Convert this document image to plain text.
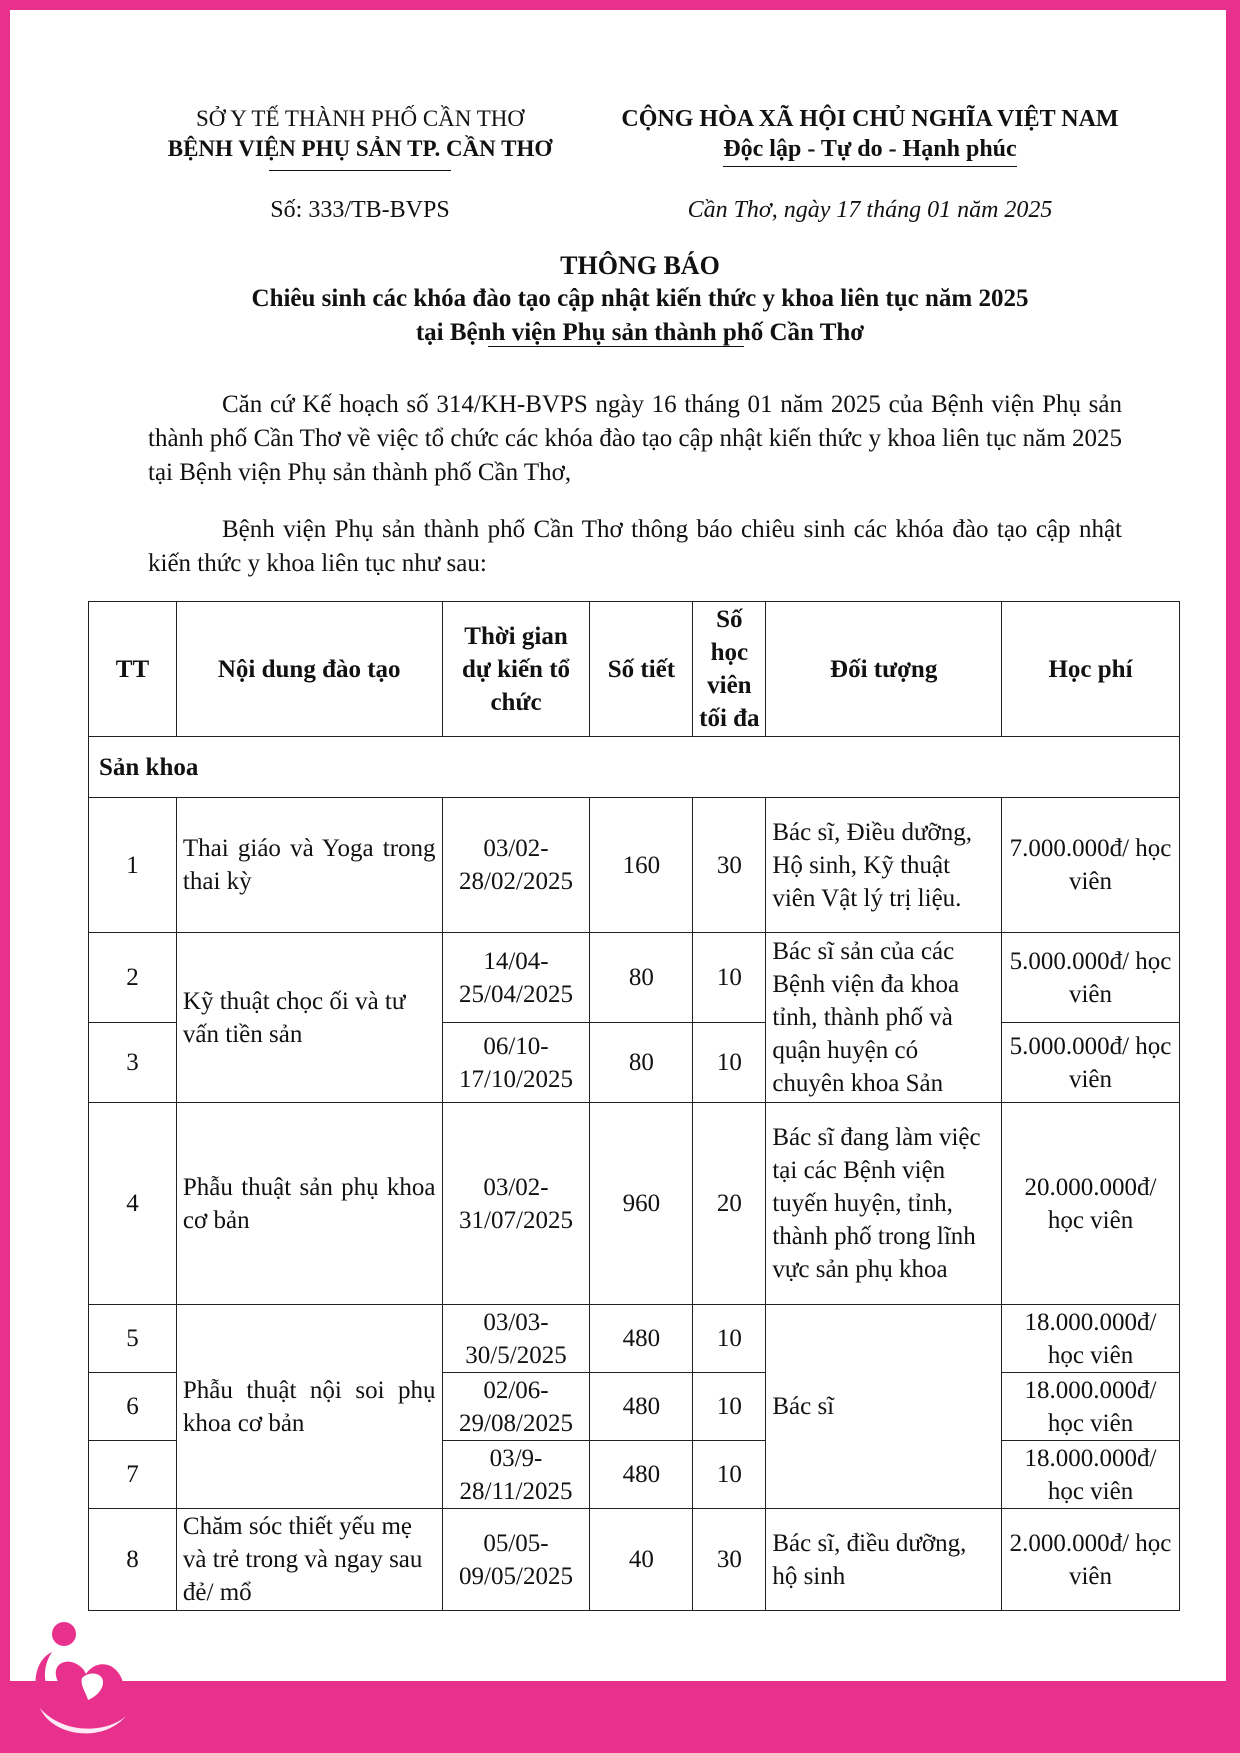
SỞ Y TẾ THÀNH PHỐ CẦN THƠ
BỆNH VIỆN PHỤ SẢN TP. CẦN THƠ
CỘNG HÒA XÃ HỘI CHỦ NGHĨA VIỆT NAM
Độc lập - Tự do - Hạnh phúc
Số: 333/TB-BVPS	Cần Thơ, ngày 17 tháng 01 năm 2025
THÔNG BÁO
Chiêu sinh các khóa đào tạo cập nhật kiến thức y khoa liên tục năm 2025
tại Bệnh viện Phụ sản thành phố Cần Thơ

Căn cứ Kế hoạch số 314/KH-BVPS ngày 16 tháng 01 năm 2025 của Bệnh viện Phụ sản thành phố Cần Thơ về việc tổ chức các khóa đào tạo cập nhật kiến thức y khoa liên tục năm 2025 tại Bệnh viện Phụ sản thành phố Cần Thơ,

Bệnh viện Phụ sản thành phố Cần Thơ thông báo chiêu sinh các khóa đào tạo cập nhật kiến thức y khoa liên tục như sau:

TT	Nội dung đào tạo	Thời gian dự kiến tổ chức	Số tiết	Số học viên tối đa	Đối tượng	Học phí
Sản khoa						
1	Thai giáo và Yoga trong thai kỳ	03/02-28/02/2025	160	30	Bác sĩ, Điều dưỡng, Hộ sinh, Kỹ thuật viên Vật lý trị liệu.	7.000.000đ/ học viên
2	Kỹ thuật chọc ối và tư vấn tiền sản	14/04-25/04/2025	80	10	Bác sĩ sản của các Bệnh viện đa khoa tỉnh, thành phố và quận huyện có chuyên khoa Sản	5.000.000đ/ học viên
3		06/10-17/10/2025	80	10		5.000.000đ/ học viên
4	Phẫu thuật sản phụ khoa cơ bản	03/02-31/07/2025	960	20	Bác sĩ đang làm việc tại các Bệnh viện tuyến huyện, tỉnh, thành phố trong lĩnh vực sản phụ khoa	20.000.000đ/ học viên
5	Phẫu thuật nội soi phụ khoa cơ bản	03/03-30/5/2025	480	10	Bác sĩ	18.000.000đ/ học viên
6		02/06-29/08/2025	480	10		18.000.000đ/ học viên
7		03/9-28/11/2025	480	10		18.000.000đ/ học viên
8	Chăm sóc thiết yếu mẹ và trẻ trong và ngay sau đẻ/ mổ	05/05-09/05/2025	40	30	Bác sĩ, điều dưỡng, hộ sinh	2.000.000đ/ học viên
